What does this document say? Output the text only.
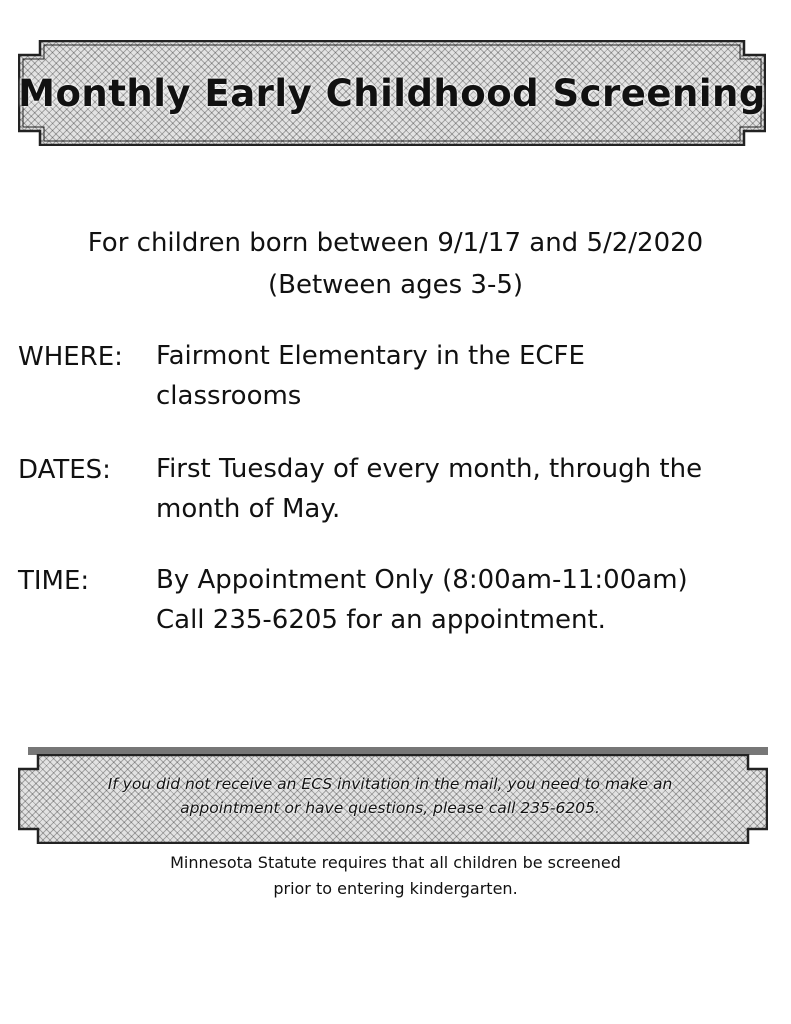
Monthly Early Childhood Screening
For children born between 9/1/17 and 5/2/2020
(Between ages 3-5)
WHERE: Fairmont Elementary in the ECFE
classrooms
DATES: First Tuesday of every month, through the
month of May.
TIME:	By Appointment Only (8:00am-11:00am)
Call 235-6205 for an appointment.
If you did not receive an ECS invitation in the mail, you need to make an
appointment or have questions, please call 235-6205.
Minnesota Statute requires that all children be screened
prior to entering kindergarten.
